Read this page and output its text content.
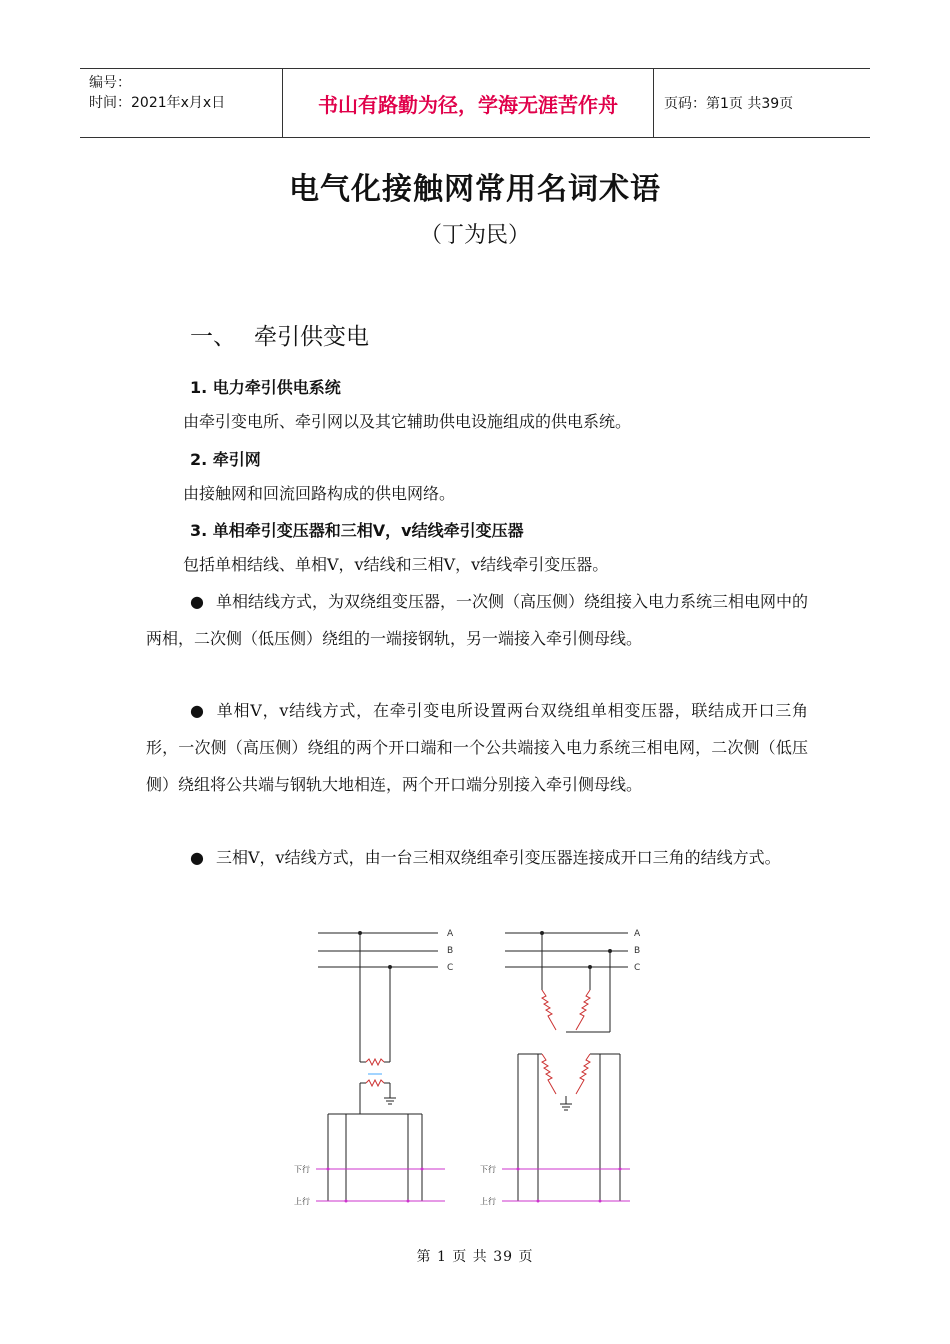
编号：
时间：2021年x月x日	书山有路勤为径，学海无涯苦作舟	页码：第1页 共39页
电气化接触网常用名词术语
（丁为民）
一、 牵引供变电
1. 电力牵引供电系统
由牵引变电所、牵引网以及其它辅助供电设施组成的供电系统。
2. 牵引网
由接触网和回流回路构成的供电网络。
3. 单相牵引变压器和三相V，v结线牵引变压器
包括单相结线、单相V，v结线和三相V，v结线牵引变压器。
● 单相结线方式，为双绕组变压器，一次侧（高压侧）绕组接入电力系统三相电网中的两相，二次侧（低压侧）绕组的一端接钢轨，另一端接入牵引侧母线。
● 单相V，v结线方式，在牵引变电所设置两台双绕组单相变压器，联结成开口三角形，一次侧（高压侧）绕组的两个开口端和一个公共端接入电力系统三相电网，二次侧（低压侧）绕组将公共端与钢轨大地相连，两个开口端分别接入牵引侧母线。
● 三相V，v结线方式，由一台三相双绕组牵引变压器连接成开口三角的结线方式。
A
B
C
下行
上行
A
B
C
下行
上行
第 1 页 共 39 页
